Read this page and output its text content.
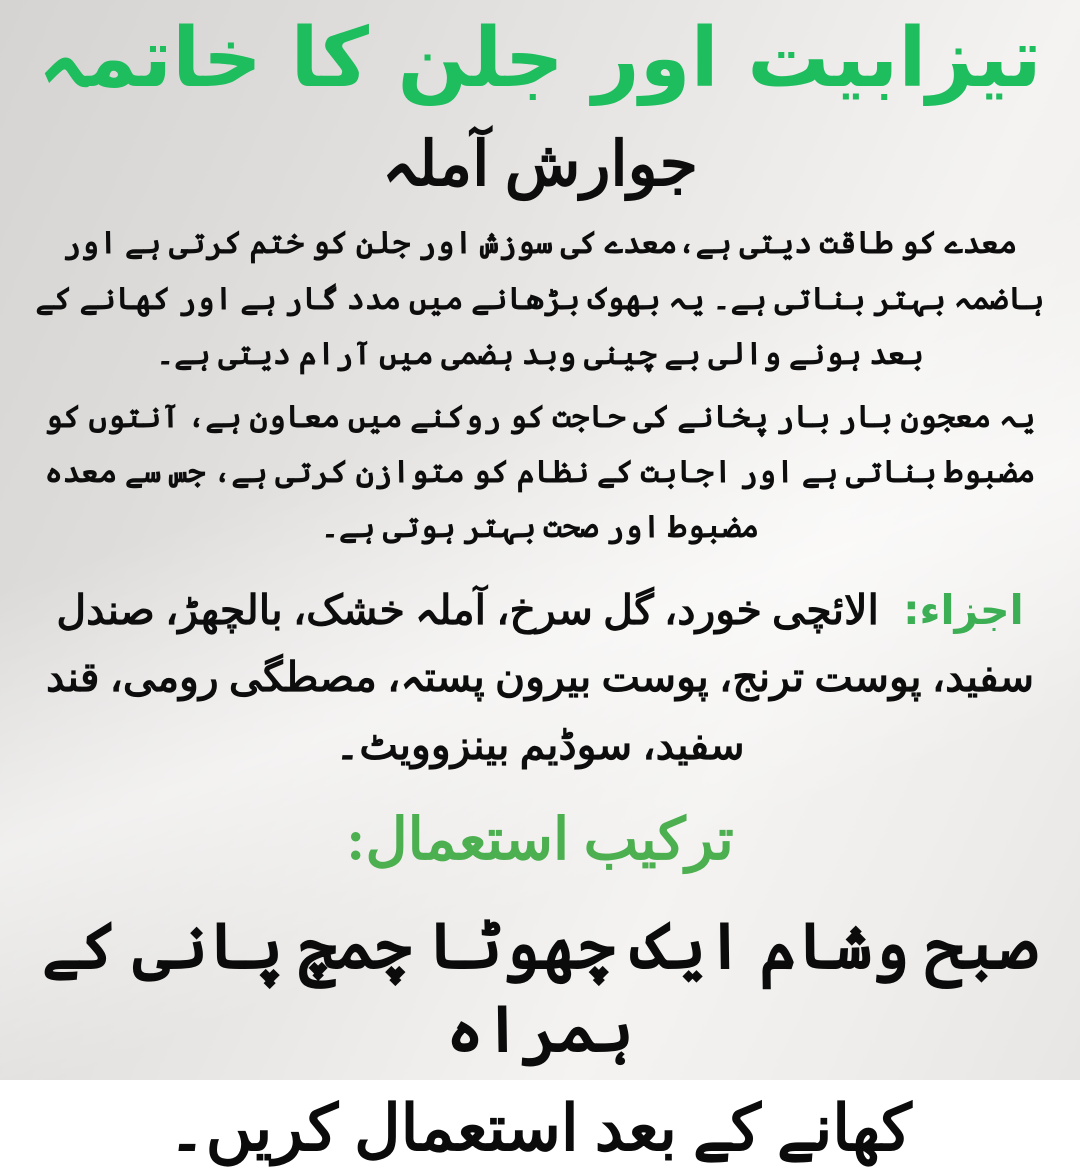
تیزابیت اور جلن کا خاتمہ
جوارش آملہ

معدے کو طاقت دیتی ہے،معدے کی سوزش اور جلن کو ختم کرتی ہے اور ہاضمہ بہتر بناتی ہے۔ یہ بھوک بڑھانے میں مدد گار ہے اور کھانے کے بعد ہونے والی بے چینی وبد ہضمی میں آرام دیتی ہے۔

یہ معجون بار بار پخانے کی حاجت کو روکنے میں معاون ہے، آنتوں کو مضبوط بناتی ہے اور اجابت کے نظام کو متوازن کرتی ہے، جس سے معدہ مضبوط اور صحت بہتر ہوتی ہے۔

اجزاء: الائچی خورد، گل سرخ، آملہ خشک، بالچھڑ، صندل سفید، پوست ترنج، پوست بیرون پستہ، مصطگی رومی، قند سفید، سوڈیم بینزوویٹ۔

ترکیب استعمال:

صبح وشام ایک چھوٹا چمچ پانی کے ہمراہ

کھانے کے بعد استعمال کریں۔
